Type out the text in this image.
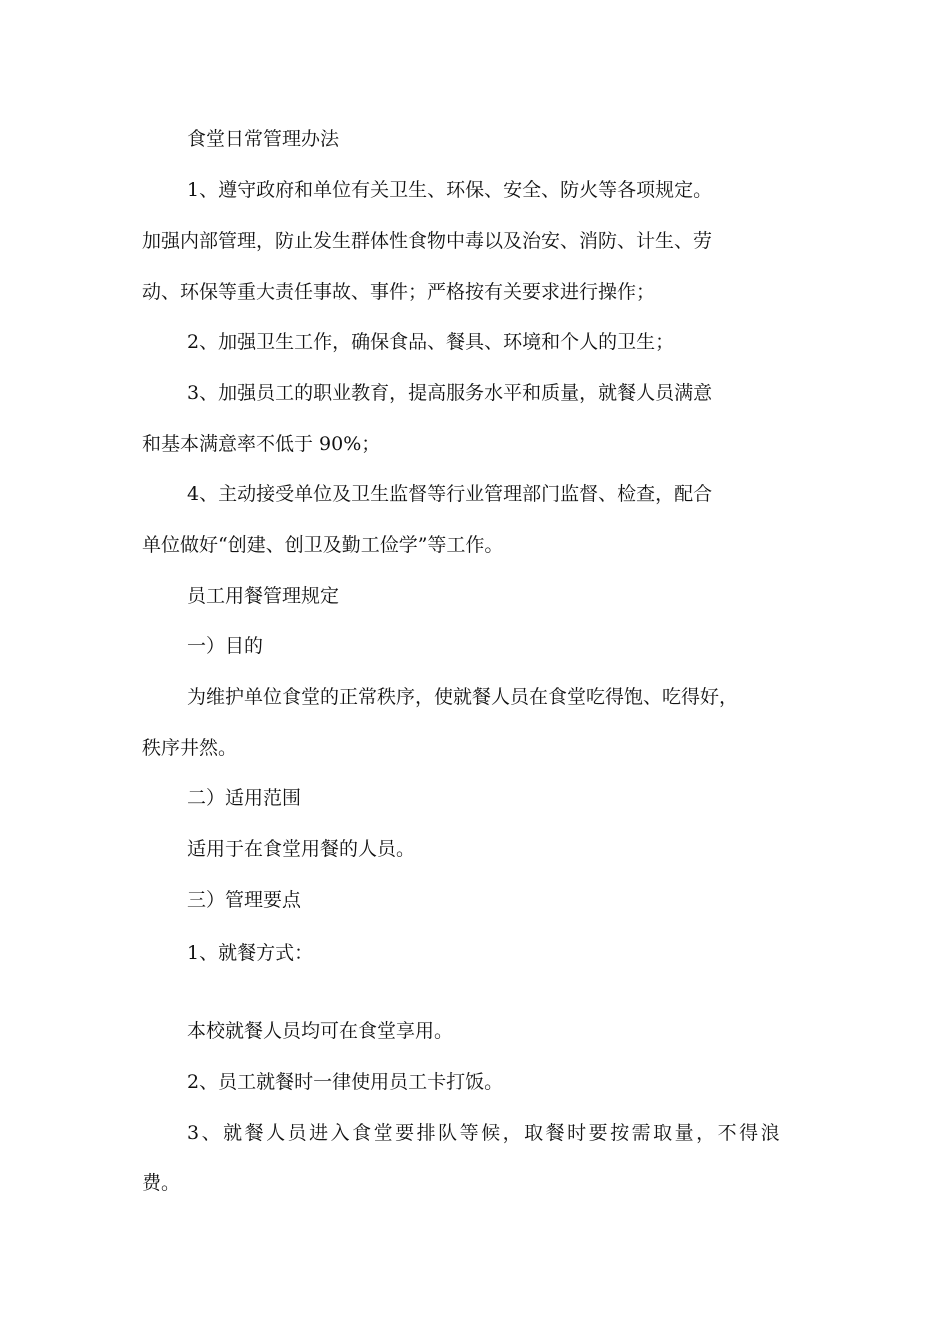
食堂日常管理办法
1、遵守政府和单位有关卫生、环保、安全、防火等各项规定。
加强内部管理，防止发生群体性食物中毒以及治安、消防、计生、劳
动、环保等重大责任事故、事件；严格按有关要求进行操作；
2、加强卫生工作，确保食品、餐具、环境和个人的卫生；
3、加强员工的职业教育，提高服务水平和质量，就餐人员满意
和基本满意率不低于 90%；
4、主动接受单位及卫生监督等行业管理部门监督、检查，配合
单位做好“创建、创卫及勤工俭学”等工作。
员工用餐管理规定
一）目的
为维护单位食堂的正常秩序，使就餐人员在食堂吃得饱、吃得好，
秩序井然。
二）适用范围
适用于在食堂用餐的人员。
三）管理要点
1、就餐方式：
本校就餐人员均可在食堂享用。
2、员工就餐时一律使用员工卡打饭。
3、就餐人员进入食堂要排队等候，取餐时要按需取量，不得浪
费。
